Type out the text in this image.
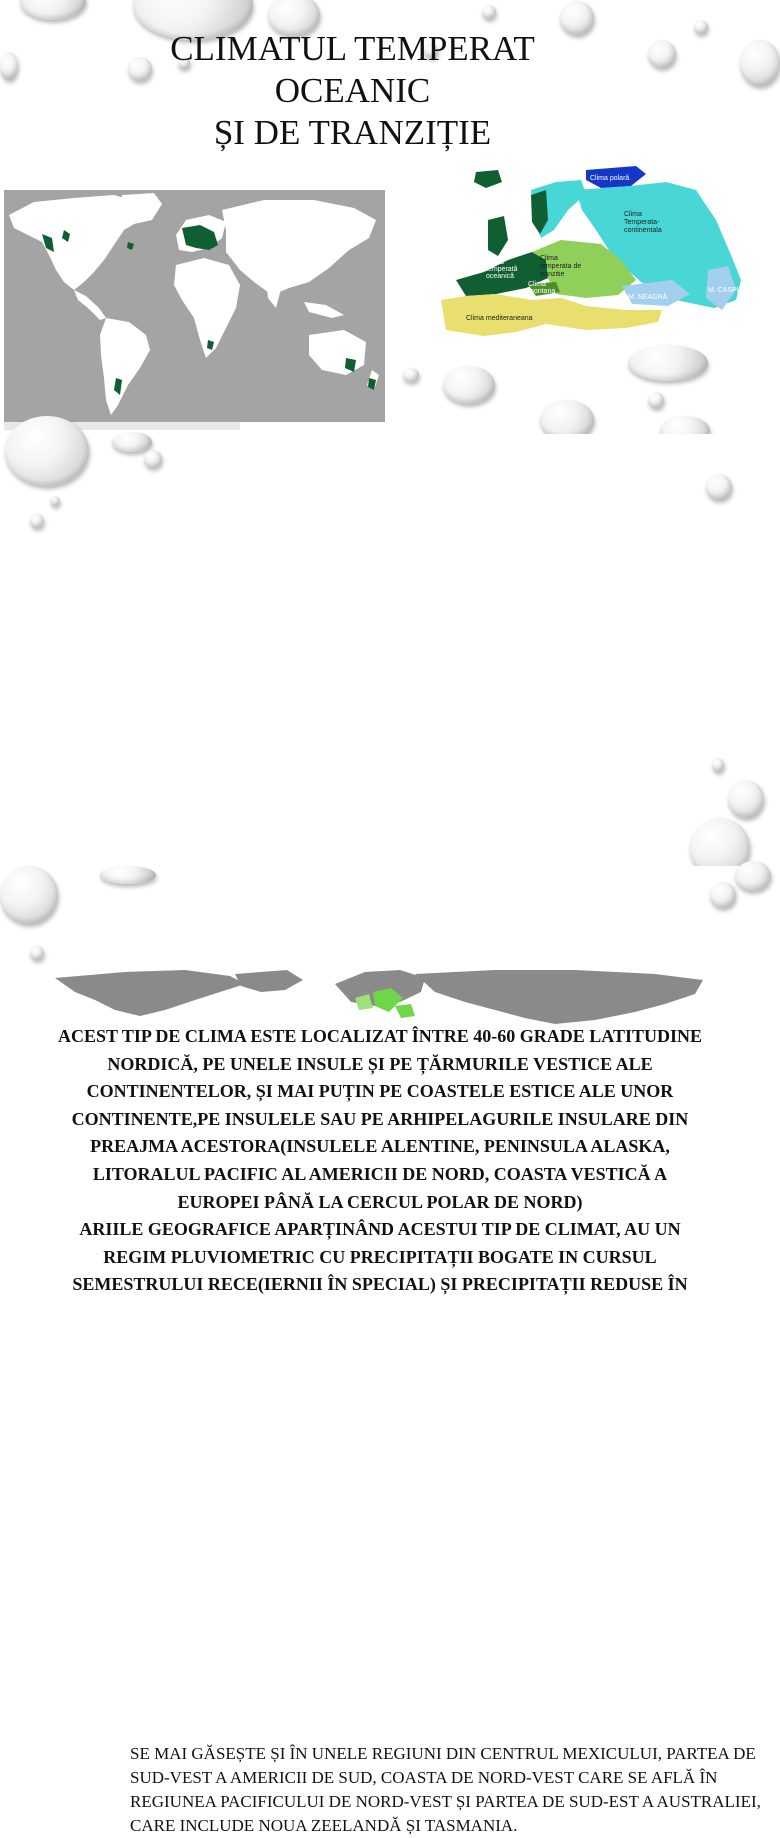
CLIMATUL TEMPERAT
OCEANIC
ȘI DE TRANZIȚIE
Clima polară
Clima
Temperata-
continentala
Clima
temperată
oceanică
Clima
temperata de
tranzitie
Clima
montana
Clima mediteraneana
M. NEAGRĂ
M. CASPICĂ

ACEST TIP DE CLIMA ESTE LOCALIZAT ÎNTRE 40-60 GRADE LATITUDINE NORDICĂ, PE UNELE INSULE ȘI PE ȚĂRMURILE VESTICE ALE CONTINENTELOR, ȘI MAI PUȚIN PE COASTELE ESTICE ALE UNOR CONTINENTE,PE INSULELE SAU PE ARHIPELAGURILE INSULARE DIN PREAJMA ACESTORA(INSULELE ALENTINE, PENINSULA ALASKA, LITORALUL PACIFIC AL AMERICII DE NORD, COASTA VESTICĂ A EUROPEI PÂNĂ LA CERCUL POLAR DE NORD)

ARIILE GEOGRAFICE APARȚINÂND ACESTUI TIP DE CLIMAT, AU UN REGIM PLUVIOMETRIC CU PRECIPITAȚII BOGATE IN CURSUL SEMESTRULUI RECE(IERNII ÎN SPECIAL) ȘI PRECIPITAȚII REDUSE ÎN

SE MAI GĂSEȘTE ȘI ÎN UNELE REGIUNI DIN CENTRUL MEXICULUI, PARTEA DE SUD-VEST A AMERICII DE SUD, COASTA DE NORD-VEST CARE SE AFLĂ ÎN REGIUNEA PACIFICULUI DE NORD-VEST ȘI PARTEA DE SUD-EST A AUSTRALIEI, CARE INCLUDE NOUA ZEELANDĂ ȘI TASMANIA.
